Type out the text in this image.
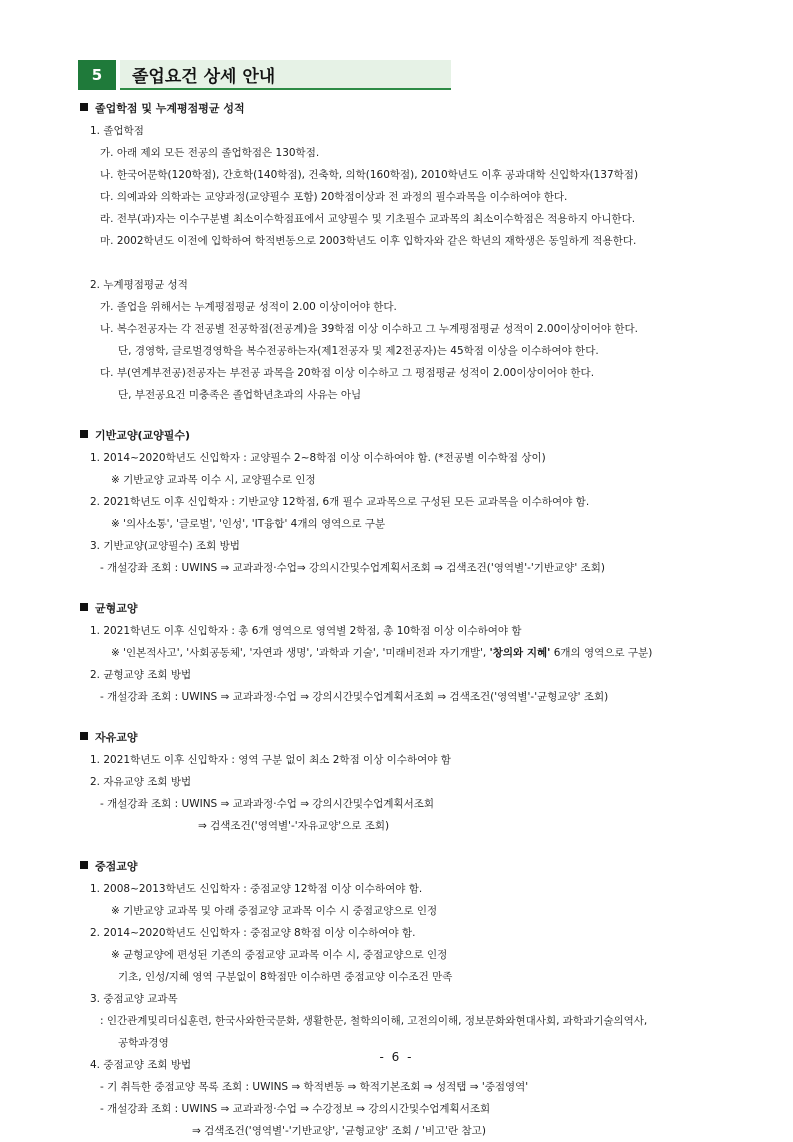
5	졸업요건 상세 안내
졸업학점 및 누계평점평균 성적
1. 졸업학점
가. 아래 제외 모든 전공의 졸업학점은 130학점.
나. 한국어문학(120학점), 간호학(140학점), 건축학, 의학(160학점), 2010학년도 이후 공과대학 신입학자(137학점)
다. 의예과와 의학과는 교양과정(교양필수 포함) 20학점이상과 전 과정의 필수과목을 이수하여야 한다.
라. 전부(과)자는 이수구분별 최소이수학점표에서 교양필수 및 기초필수 교과목의 최소이수학점은 적용하지 아니한다.
마. 2002학년도 이전에 입학하여 학적변동으로 2003학년도 이후 입학자와 같은 학년의 재학생은 동일하게 적용한다.
2. 누계평점평균 성적
가. 졸업을 위해서는 누계평점평균 성적이 2.00 이상이어야 한다.
나. 복수전공자는 각 전공별 전공학점(전공계)을 39학점 이상 이수하고 그 누계평점평균 성적이 2.00이상이어야 한다.
단, 경영학, 글로벌경영학을 복수전공하는자(제1전공자 및 제2전공자)는 45학점 이상을 이수하여야 한다.
다. 부(연계부전공)전공자는 부전공 과목을 20학점 이상 이수하고 그 평점평균 성적이 2.00이상이어야 한다.
단, 부전공요건 미충족은 졸업학년초과의 사유는 아님
기반교양(교양필수)
1. 2014~2020학년도 신입학자 : 교양필수 2~8학점 이상 이수하여야 함. (*전공별 이수학점 상이)
※ 기반교양 교과목 이수 시, 교양필수로 인정
2. 2021학년도 이후 신입학자 : 기반교양 12학점, 6개 필수 교과목으로 구성된 모든 교과목을 이수하여야 함.
※ '의사소통', '글로벌', '인성', 'IT융합' 4개의 영역으로 구분
3. 기반교양(교양필수) 조회 방법
- 개설강좌 조회 : UWINS ⇒ 교과과정·수업⇒ 강의시간및수업계획서조회 ⇒ 검색조건('영역별'-'기반교양' 조회)
균형교양
1. 2021학년도 이후 신입학자 : 총 6개 영역으로 영역별 2학점, 총 10학점 이상 이수하여야 함
※ '인본적사고', '사회공동체', '자연과 생명', '과학과 기술', '미래비전과 자기개발', '창의와 지혜' 6개의 영역으로 구분)
2. 균형교양 조회 방법
- 개설강좌 조회 : UWINS ⇒ 교과과정·수업 ⇒ 강의시간및수업계획서조회 ⇒ 검색조건('영역별'-'균형교양' 조회)
자유교양
1. 2021학년도 이후 신입학자 : 영역 구분 없이 최소 2학점 이상 이수하여야 함
2. 자유교양 조회 방법
- 개설강좌 조회 : UWINS ⇒ 교과과정·수업 ⇒ 강의시간및수업계획서조회
⇒ 검색조건('영역별'-'자유교양'으로 조회)
중점교양
1. 2008~2013학년도 신입학자 : 중점교양 12학점 이상 이수하여야 함.
※ 기반교양 교과목 및 아래 중점교양 교과목 이수 시 중점교양으로 인정
2. 2014~2020학년도 신입학자 : 중점교양 8학점 이상 이수하여야 함.
※ 균형교양에 편성된 기존의 중점교양 교과목 이수 시, 중점교양으로 인정
기초, 인성/지혜 영역 구분없이 8학점만 이수하면 중점교양 이수조건 만족
3. 중점교양 교과목
: 인간관계및리더십훈련, 한국사와한국문화, 생활한문, 철학의이해, 고전의이해, 정보문화와현대사회, 과학과기술의역사,
공학과경영
4. 중점교양 조회 방법
- 기 취득한 중점교양 목록 조회 : UWINS ⇒ 학적변동 ⇒ 학적기본조회 ⇒ 성적탭 ⇒ '중점영역'
- 개설강좌 조회 : UWINS ⇒ 교과과정·수업 ⇒ 수강정보 ⇒ 강의시간및수업계획서조회
⇒ 검색조건('영역별'-'기반교양', '균형교양' 조회 / '비고'란 참고)
- 6 -
